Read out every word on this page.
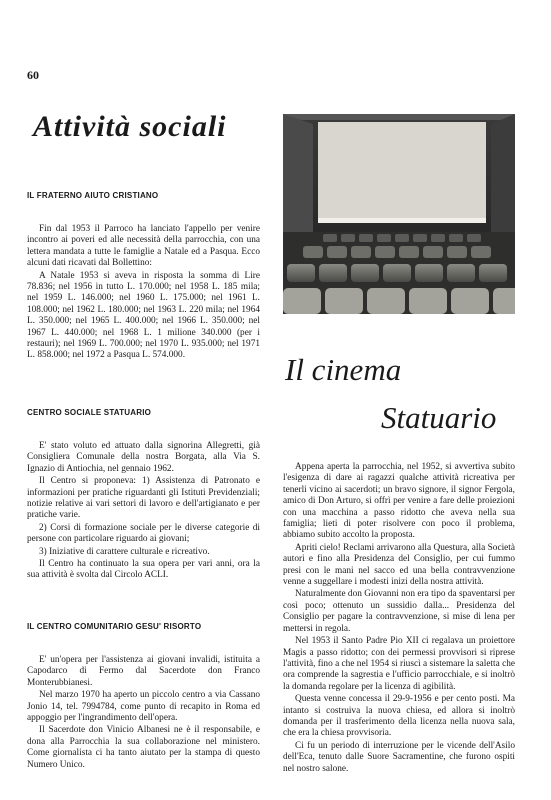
60
Attività sociali
IL FRATERNO AIUTO CRISTIANO

Fin dal 1953 il Parroco ha lanciato l'appello per venire incontro ai poveri ed alle necessità della parrocchia, con una lettera mandata a tutte le famiglie a Natale ed a Pasqua. Ecco alcuni dati ricavati dal Bollettino:

A Natale 1953 si aveva in risposta la somma di Lire 78.836; nel 1956 in tutto L. 170.000; nel 1958 L. 185 mila; nel 1959 L. 146.000; nel 1960 L. 175.000; nel 1961 L. 108.000; nel 1962 L. 180.000; nel 1963 L. 220 mila; nel 1964 L. 350.000; nel 1965 L. 400.000; nel 1966 L. 350.000; nel 1967 L. 440.000; nel 1968 L. 1 milione 340.000 (per i restauri); nel 1969 L. 700.000; nel 1970 L. 935.000; nel 1971 L. 858.000; nel 1972 a Pasqua L. 574.000.

CENTRO SOCIALE STATUARIO

E' stato voluto ed attuato dalla signorina Allegretti, già Consigliera Comunale della nostra Borgata, alla Via S. Ignazio di Antiochia, nel gennaio 1962.

Il Centro si proponeva: 1) Assistenza di Patronato e informazioni per pratiche riguardanti gli Istituti Previdenziali; notizie relative ai vari settori di lavoro e dell'artigianato e per pratiche varie.

2) Corsi di formazione sociale per le diverse categorie di persone con particolare riguardo ai giovani;

3) Iniziative di carattere culturale e ricreativo.

Il Centro ha continuato la sua opera per vari anni, ora la sua attività è svolta dal Circolo ACLI.

IL CENTRO COMUNITARIO GESU' RISORTO

E' un'opera per l'assistenza ai giovani invalidi, istituita a Capodarco di Fermo dal Sacerdote don Franco Monterubbianesi.

Nel marzo 1970 ha aperto un piccolo centro a via Cassano Jonio 14, tel. 7994784, come punto di recapito in Roma ed appoggio per l'ingrandimento dell'opera.

Il Sacerdote don Vinicio Albanesi ne è il responsabile, e dona alla Parrocchia la sua collaborazione nel ministero. Come giornalista ci ha tanto aiutato per la stampa di questo Numero Unico.

Il cinema
Statuario

Appena aperta la parrocchia, nel 1952, si avvertiva subito l'esigenza di dare ai ragazzi qualche attività ricreativa per tenerli vicino ai sacerdoti; un bravo signore, il signor Fergola, amico di Don Arturo, si offrì per venire a fare delle proiezioni con una macchina a passo ridotto che aveva nella sua famiglia; lieti di poter risolvere con poco il problema, abbiamo subito accolto la proposta.

Apriti cielo! Reclami arrivarono alla Questura, alla Società autori e fino alla Presidenza del Consiglio, per cui fummo presi con le mani nel sacco ed una bella contravvenzione venne a suggellare i modesti inizi della nostra attività.

Naturalmente don Giovanni non era tipo da spaventarsi per così poco; ottenuto un sussidio dalla... Presidenza del Consiglio per pagare la contravvenzione, si mise di lena per mettersi in regola.

Nel 1953 il Santo Padre Pio XII ci regalava un proiettore Magis a passo ridotto; con dei permessi provvisori si riprese l'attività, fino a che nel 1954 si riuscì a sistemare la saletta che ora comprende la sagrestia e l'ufficio parrocchiale, e si inoltrò la domanda regolare per la licenza di agibilità.

Questa venne concessa il 29-9-1956 e per cento posti. Ma intanto si costruiva la nuova chiesa, ed allora si inoltrò domanda per il trasferimento della licenza nella nuova sala, che era la chiesa provvisoria.

Ci fu un periodo di interruzione per le vicende dell'Asilo dell'Eca, tenuto dalle Suore Sacramentine, che furono ospiti nel nostro salone.
